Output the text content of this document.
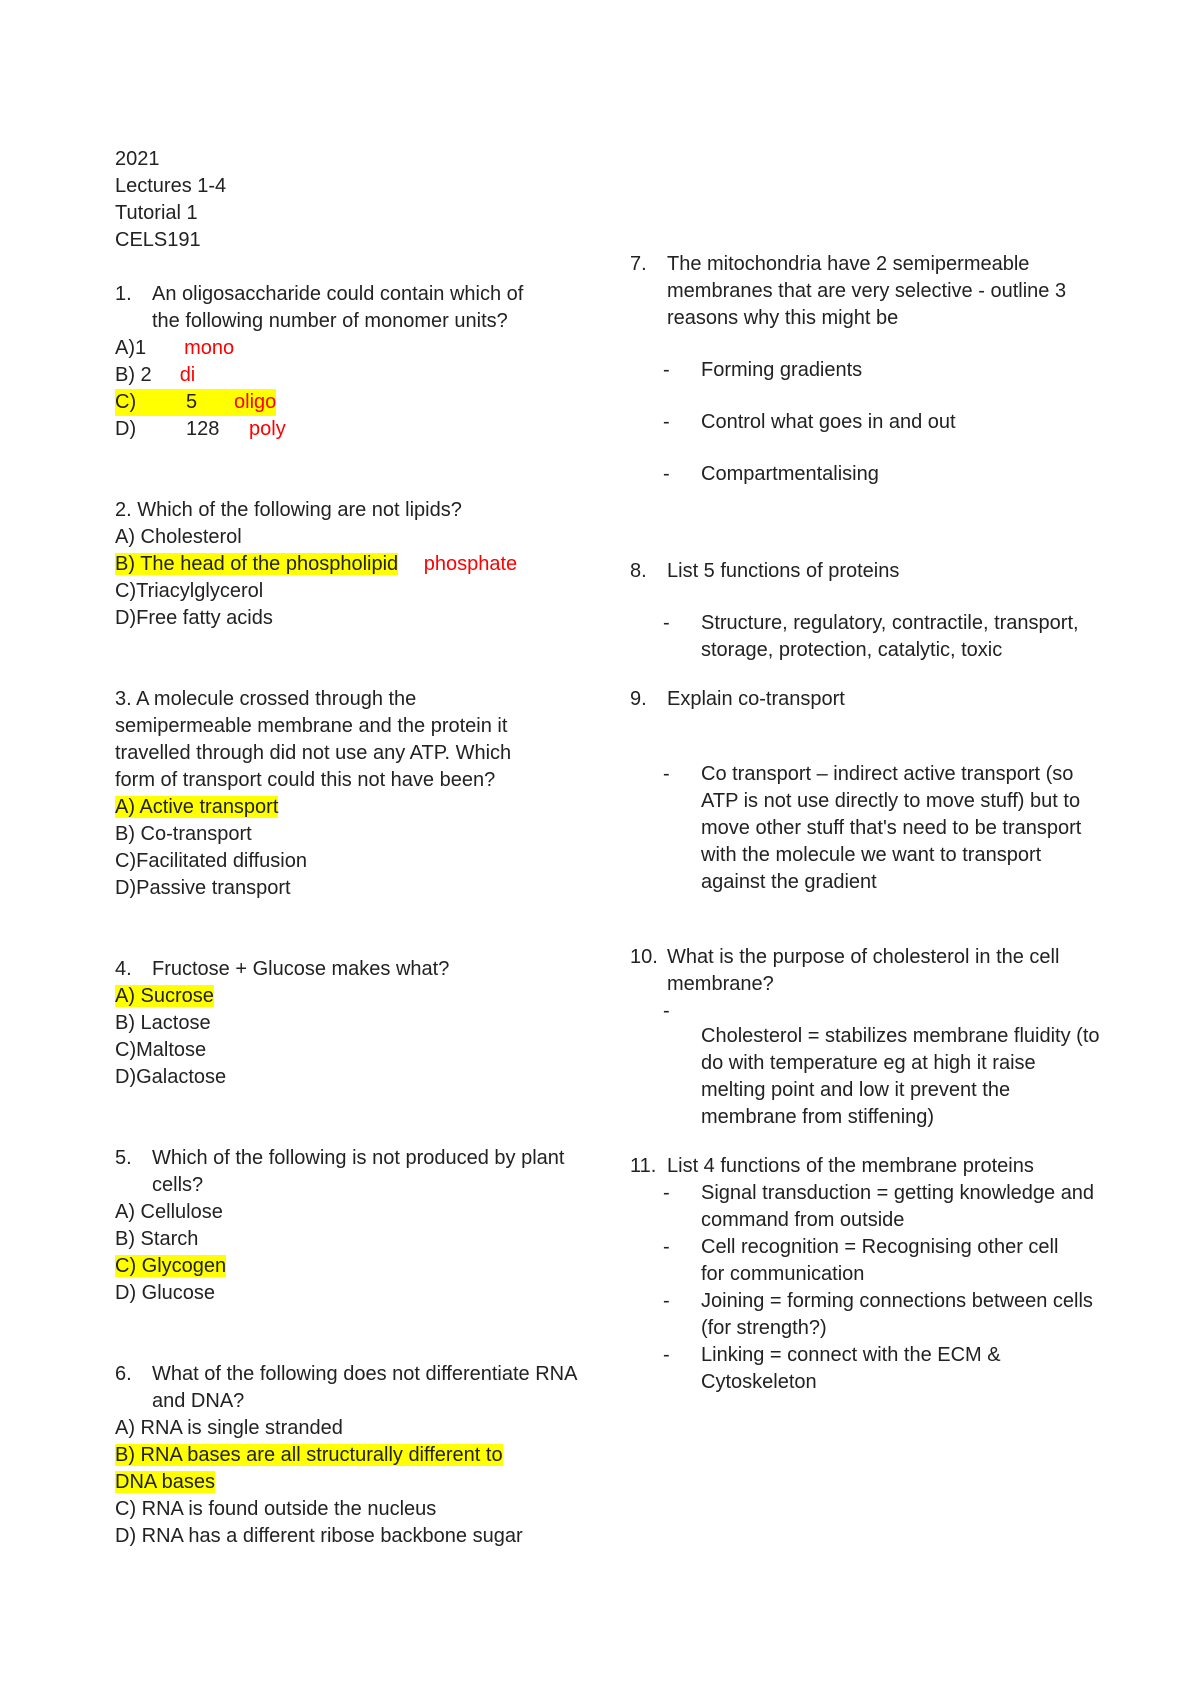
2021
Lectures 1-4
Tutorial 1
CELS191
1. An oligosaccharide could contain which of the following number of monomer units?
A)1 mono
B) 2 di
C)	5	oligo
D)	128	poly
2. Which of the following are not lipids?
A) Cholesterol
B) The head of the phospholipid phosphate
C)Triacylglycerol
D)Free fatty acids
3. A molecule crossed through the
semipermeable membrane and the protein it
travelled through did not use any ATP. Which
form of transport could this not have been?
A) Active transport
B) Co-transport
C)Facilitated diffusion
D)Passive transport
4. Fructose + Glucose makes what?
A) Sucrose
B) Lactose
C)Maltose
D)Galactose
5. Which of the following is not produced by plant cells?
A) Cellulose
B) Starch
C) Glycogen
D) Glucose
6. What of the following does not differentiate RNA and DNA?
A) RNA is single stranded
B) RNA bases are all structurally different to
DNA bases
C) RNA is found outside the nucleus
D) RNA has a different ribose backbone sugar
7. The mitochondria have 2 semipermeable membranes that are very selective - outline 3 reasons why this might be
- Forming gradients
- Control what goes in and out
- Compartmentalising
8. List 5 functions of proteins
- Structure, regulatory, contractile, transport, storage, protection, catalytic, toxic
9. Explain co-transport
- Co transport – indirect active transport (so ATP is not use directly to move stuff) but to move other stuff that's need to be transport with the molecule we want to transport against the gradient
10. What is the purpose of cholesterol in the cell membrane?
-
Cholesterol = stabilizes membrane fluidity (to do with temperature eg at high it raise melting point and low it prevent the membrane from stiffening)
11. List 4 functions of the membrane proteins
- Signal transduction = getting knowledge and command from outside
- Cell recognition = Recognising other cell for communication
- Joining = forming connections between cells (for strength?)
- Linking = connect with the ECM & Cytoskeleton
